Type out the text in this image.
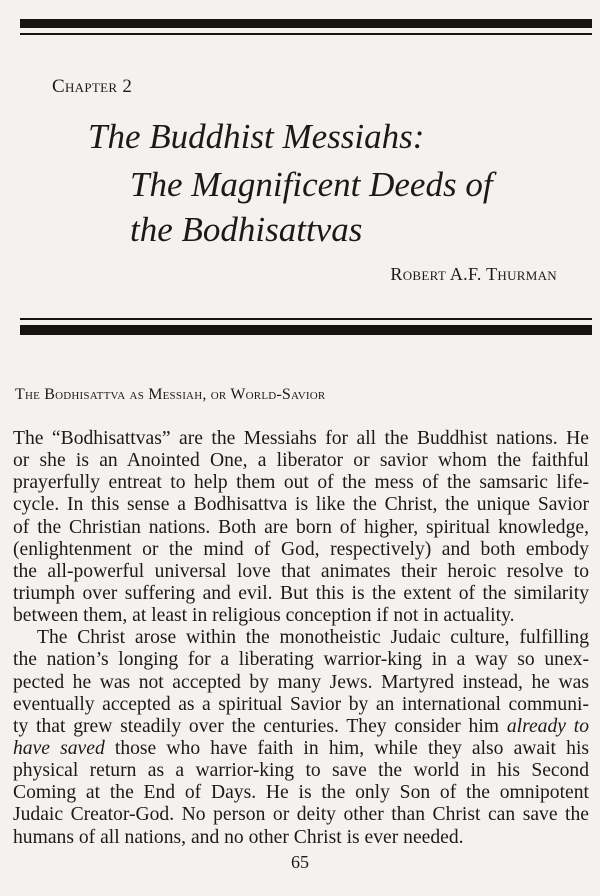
Chapter 2
The Buddhist Messiahs:
The Magnificent Deeds of
the Bodhisattvas
Robert A.F. Thurman
The Bodhisattva as Messiah, or World-Savior
The “Bodhisattvas” are the Messiahs for all the Buddhist nations. He
or she is an Anointed One, a liberator or savior whom the faithful
prayerfully entreat to help them out of the mess of the samsaric life-
cycle. In this sense a Bodhisattva is like the Christ, the unique Savior
of the Christian nations. Both are born of higher, spiritual knowledge,
(enlightenment or the mind of God, respectively) and both embody
the all-powerful universal love that animates their heroic resolve to
triumph over suffering and evil. But this is the extent of the similarity
between them, at least in religious conception if not in actuality.
The Christ arose within the monotheistic Judaic culture, fulfilling
the nation’s longing for a liberating warrior-king in a way so unex-
pected he was not accepted by many Jews. Martyred instead, he was
eventually accepted as a spiritual Savior by an international communi-
ty that grew steadily over the centuries. They consider him already to
have saved those who have faith in him, while they also await his
physical return as a warrior-king to save the world in his Second
Coming at the End of Days. He is the only Son of the omnipotent
Judaic Creator-God. No person or deity other than Christ can save the
humans of all nations, and no other Christ is ever needed.
65
